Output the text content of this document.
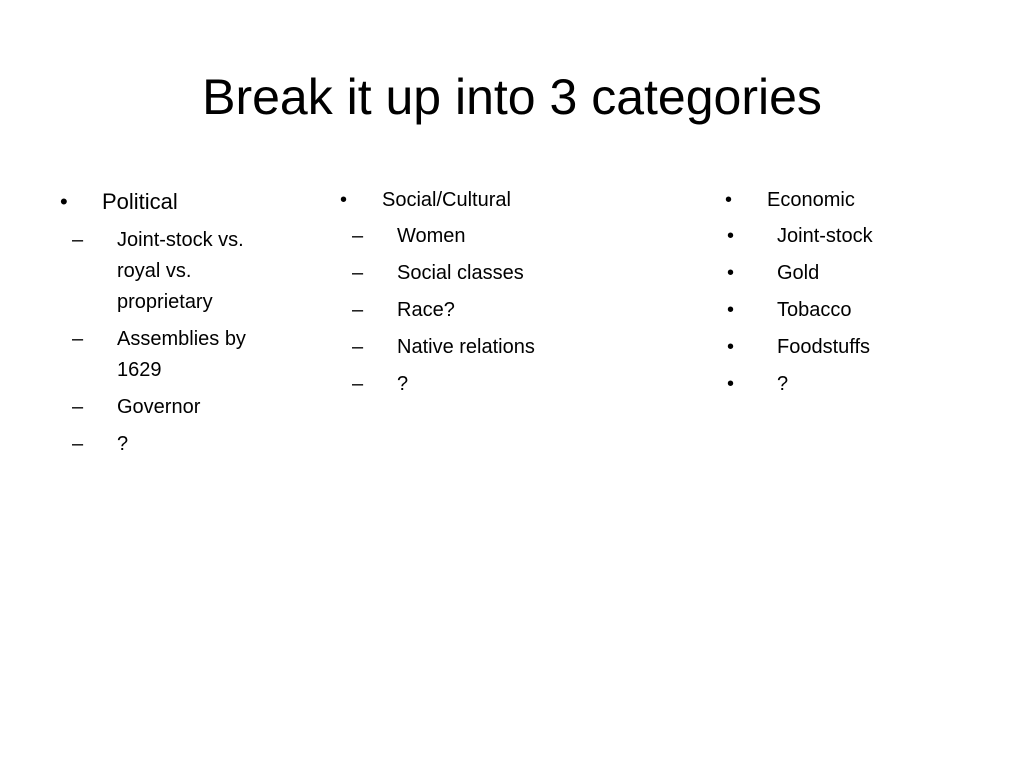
Break it up into 3 categories
• Political
– Joint-stock vs. royal vs. proprietary
– Assemblies by 1629
– Governor
– ?
• Social/Cultural
– Women
– Social classes
– Race?
– Native relations
– ?
• Economic
• Joint-stock
• Gold
• Tobacco
• Foodstuffs
• ?
